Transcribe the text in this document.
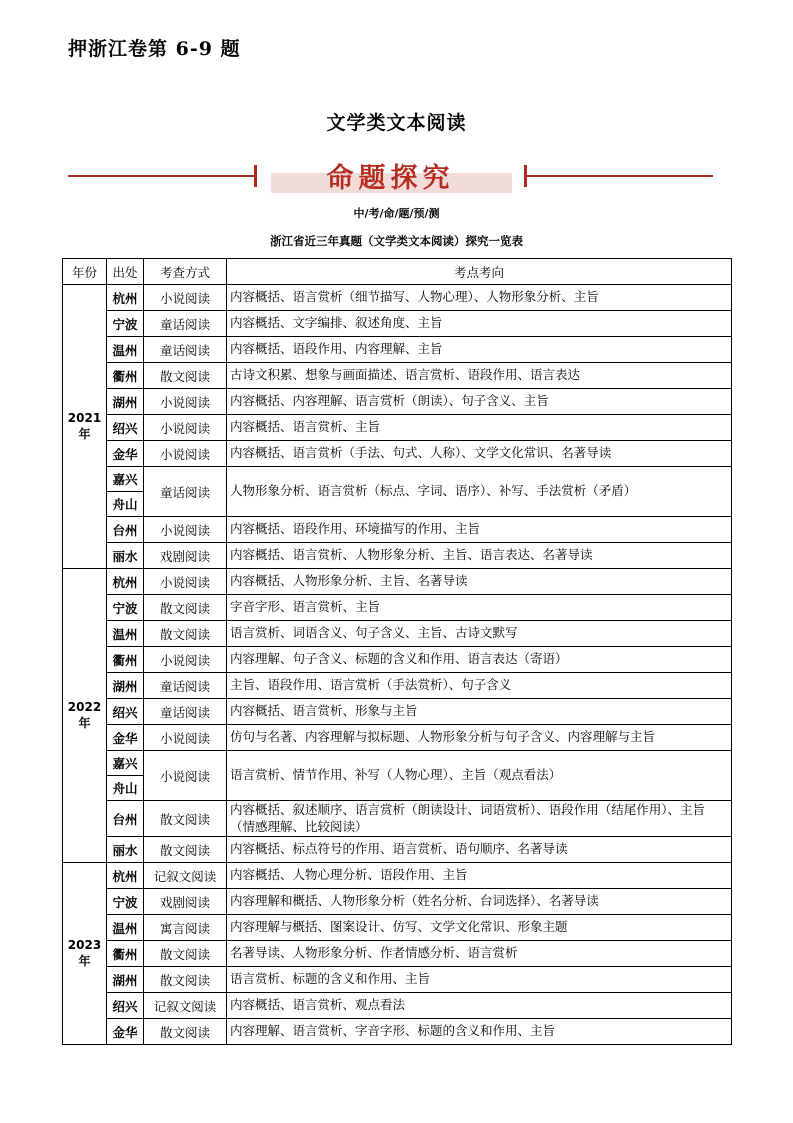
押浙江卷第 6-9 题
文学类文本阅读
命题探究
中/考/命/题/预/测
浙江省近三年真题（文学类文本阅读）探究一览表
年份	出处	考查方式	考点考向
2021年	杭州	小说阅读	内容概括、语言赏析（细节描写、人物心理）、人物形象分析、主旨
	宁波	童话阅读	内容概括、文字编排、叙述角度、主旨
	温州	童话阅读	内容概括、语段作用、内容理解、主旨
	衢州	散文阅读	古诗文积累、想象与画面描述、语言赏析、语段作用、语言表达
	湖州	小说阅读	内容概括、内容理解、语言赏析（朗读）、句子含义、主旨
	绍兴	小说阅读	内容概括、语言赏析、主旨
	金华	小说阅读	内容概括、语言赏析（手法、句式、人称）、文学文化常识、名著导读
	嘉兴	童话阅读	人物形象分析、语言赏析（标点、字词、语序）、补写、手法赏析（矛盾）
	舟山		
	台州	小说阅读	内容概括、语段作用、环境描写的作用、主旨
	丽水	戏剧阅读	内容概括、语言赏析、人物形象分析、主旨、语言表达、名著导读
2022年	杭州	小说阅读	内容概括、人物形象分析、主旨、名著导读
	宁波	散文阅读	字音字形、语言赏析、主旨
	温州	散文阅读	语言赏析、词语含义、句子含义、主旨、古诗文默写
	衢州	小说阅读	内容理解、句子含义、标题的含义和作用、语言表达（寄语）
	湖州	童话阅读	主旨、语段作用、语言赏析（手法赏析）、句子含义
	绍兴	童话阅读	内容概括、语言赏析、形象与主旨
	金华	小说阅读	仿句与名著、内容理解与拟标题、人物形象分析与句子含义、内容理解与主旨
	嘉兴	小说阅读	语言赏析、情节作用、补写（人物心理）、主旨（观点看法）
	舟山		
	台州	散文阅读	内容概括、叙述顺序、语言赏析（朗读设计、词语赏析）、语段作用（结尾作用）、主旨（情感理解、比较阅读）
	丽水	散文阅读	内容概括、标点符号的作用、语言赏析、语句顺序、名著导读
2023年	杭州	记叙文阅读	内容概括、人物心理分析、语段作用、主旨
	宁波	戏剧阅读	内容理解和概括、人物形象分析（姓名分析、台词选择）、名著导读
	温州	寓言阅读	内容理解与概括、图案设计、仿写、文学文化常识、形象主题
	衢州	散文阅读	名著导读、人物形象分析、作者情感分析、语言赏析
	湖州	散文阅读	语言赏析、标题的含义和作用、主旨
	绍兴	记叙文阅读	内容概括、语言赏析、观点看法
	金华	散文阅读	内容理解、语言赏析、字音字形、标题的含义和作用、主旨
